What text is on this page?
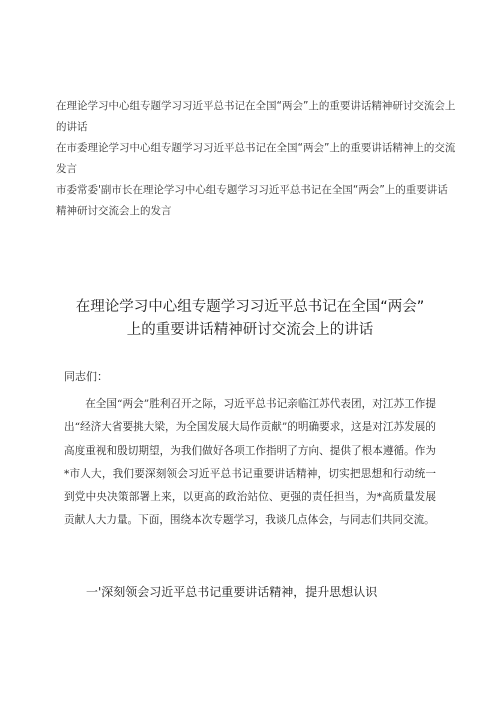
在理论学习中心组专题学习习近平总书记在全国“两会”上的重要讲话精神研讨交流会上的讲话

在市委理论学习中心组专题学习习近平总书记在全国“两会”上的重要讲话精神上的交流发言

市委常委'副市长在理论学习中心组专题学习习近平总书记在全国“两会”上的重要讲话精神研讨交流会上的发言

在理论学习中心组专题学习习近平总书记在全国“两会”
上的重要讲话精神研讨交流会上的讲话
同志们：
在全国“两会”胜利召开之际，习近平总书记亲临江苏代表团，对江苏工作提出“经济大省要挑大梁，为全国发展大局作贡献”的明确要求，这是对江苏发展的高度重视和殷切期望，为我们做好各项工作指明了方向、提供了根本遵循。作为*市人大，我们要深刻领会习近平总书记重要讲话精神，切实把思想和行动统一到党中央决策部署上来，以更高的政治站位、更强的责任担当，为*高质量发展贡献人大力量。下面，围绕本次专题学习，我谈几点体会，与同志们共同交流。
一'深刻领会习近平总书记重要讲话精神，提升思想认识
